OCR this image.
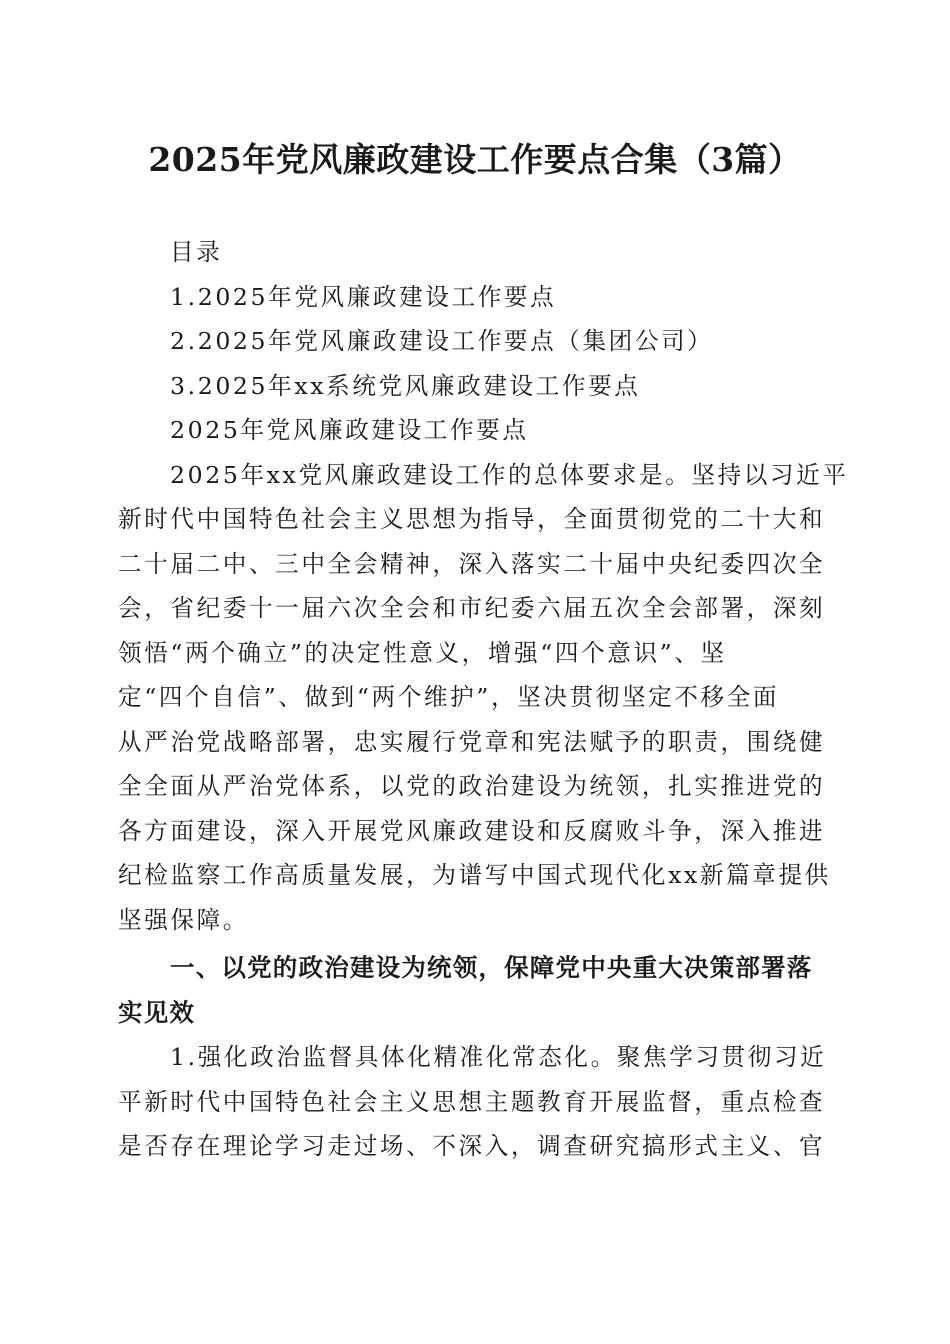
2025年党风廉政建设工作要点合集（3篇）

目录

1.2025年党风廉政建设工作要点

2.2025年党风廉政建设工作要点（集团公司）

3.2025年xx系统党风廉政建设工作要点

2025年党风廉政建设工作要点

2025年xx党风廉政建设工作的总体要求是。坚持以习近平

新时代中国特色社会主义思想为指导，全面贯彻党的二十大和

二十届二中、三中全会精神，深入落实二十届中央纪委四次全

会，省纪委十一届六次全会和市纪委六届五次全会部署，深刻

领悟“两个确立”的决定性意义，增强“四个意识”、坚

定“四个自信”、做到“两个维护”，坚决贯彻坚定不移全面

从严治党战略部署，忠实履行党章和宪法赋予的职责，围绕健

全全面从严治党体系，以党的政治建设为统领，扎实推进党的

各方面建设，深入开展党风廉政建设和反腐败斗争，深入推进

纪检监察工作高质量发展，为谱写中国式现代化xx新篇章提供

坚强保障。

一、以党的政治建设为统领，保障党中央重大决策部署落

实见效

1.强化政治监督具体化精准化常态化。聚焦学习贯彻习近

平新时代中国特色社会主义思想主题教育开展监督，重点检查

是否存在理论学习走过场、不深入，调查研究搞形式主义、官
